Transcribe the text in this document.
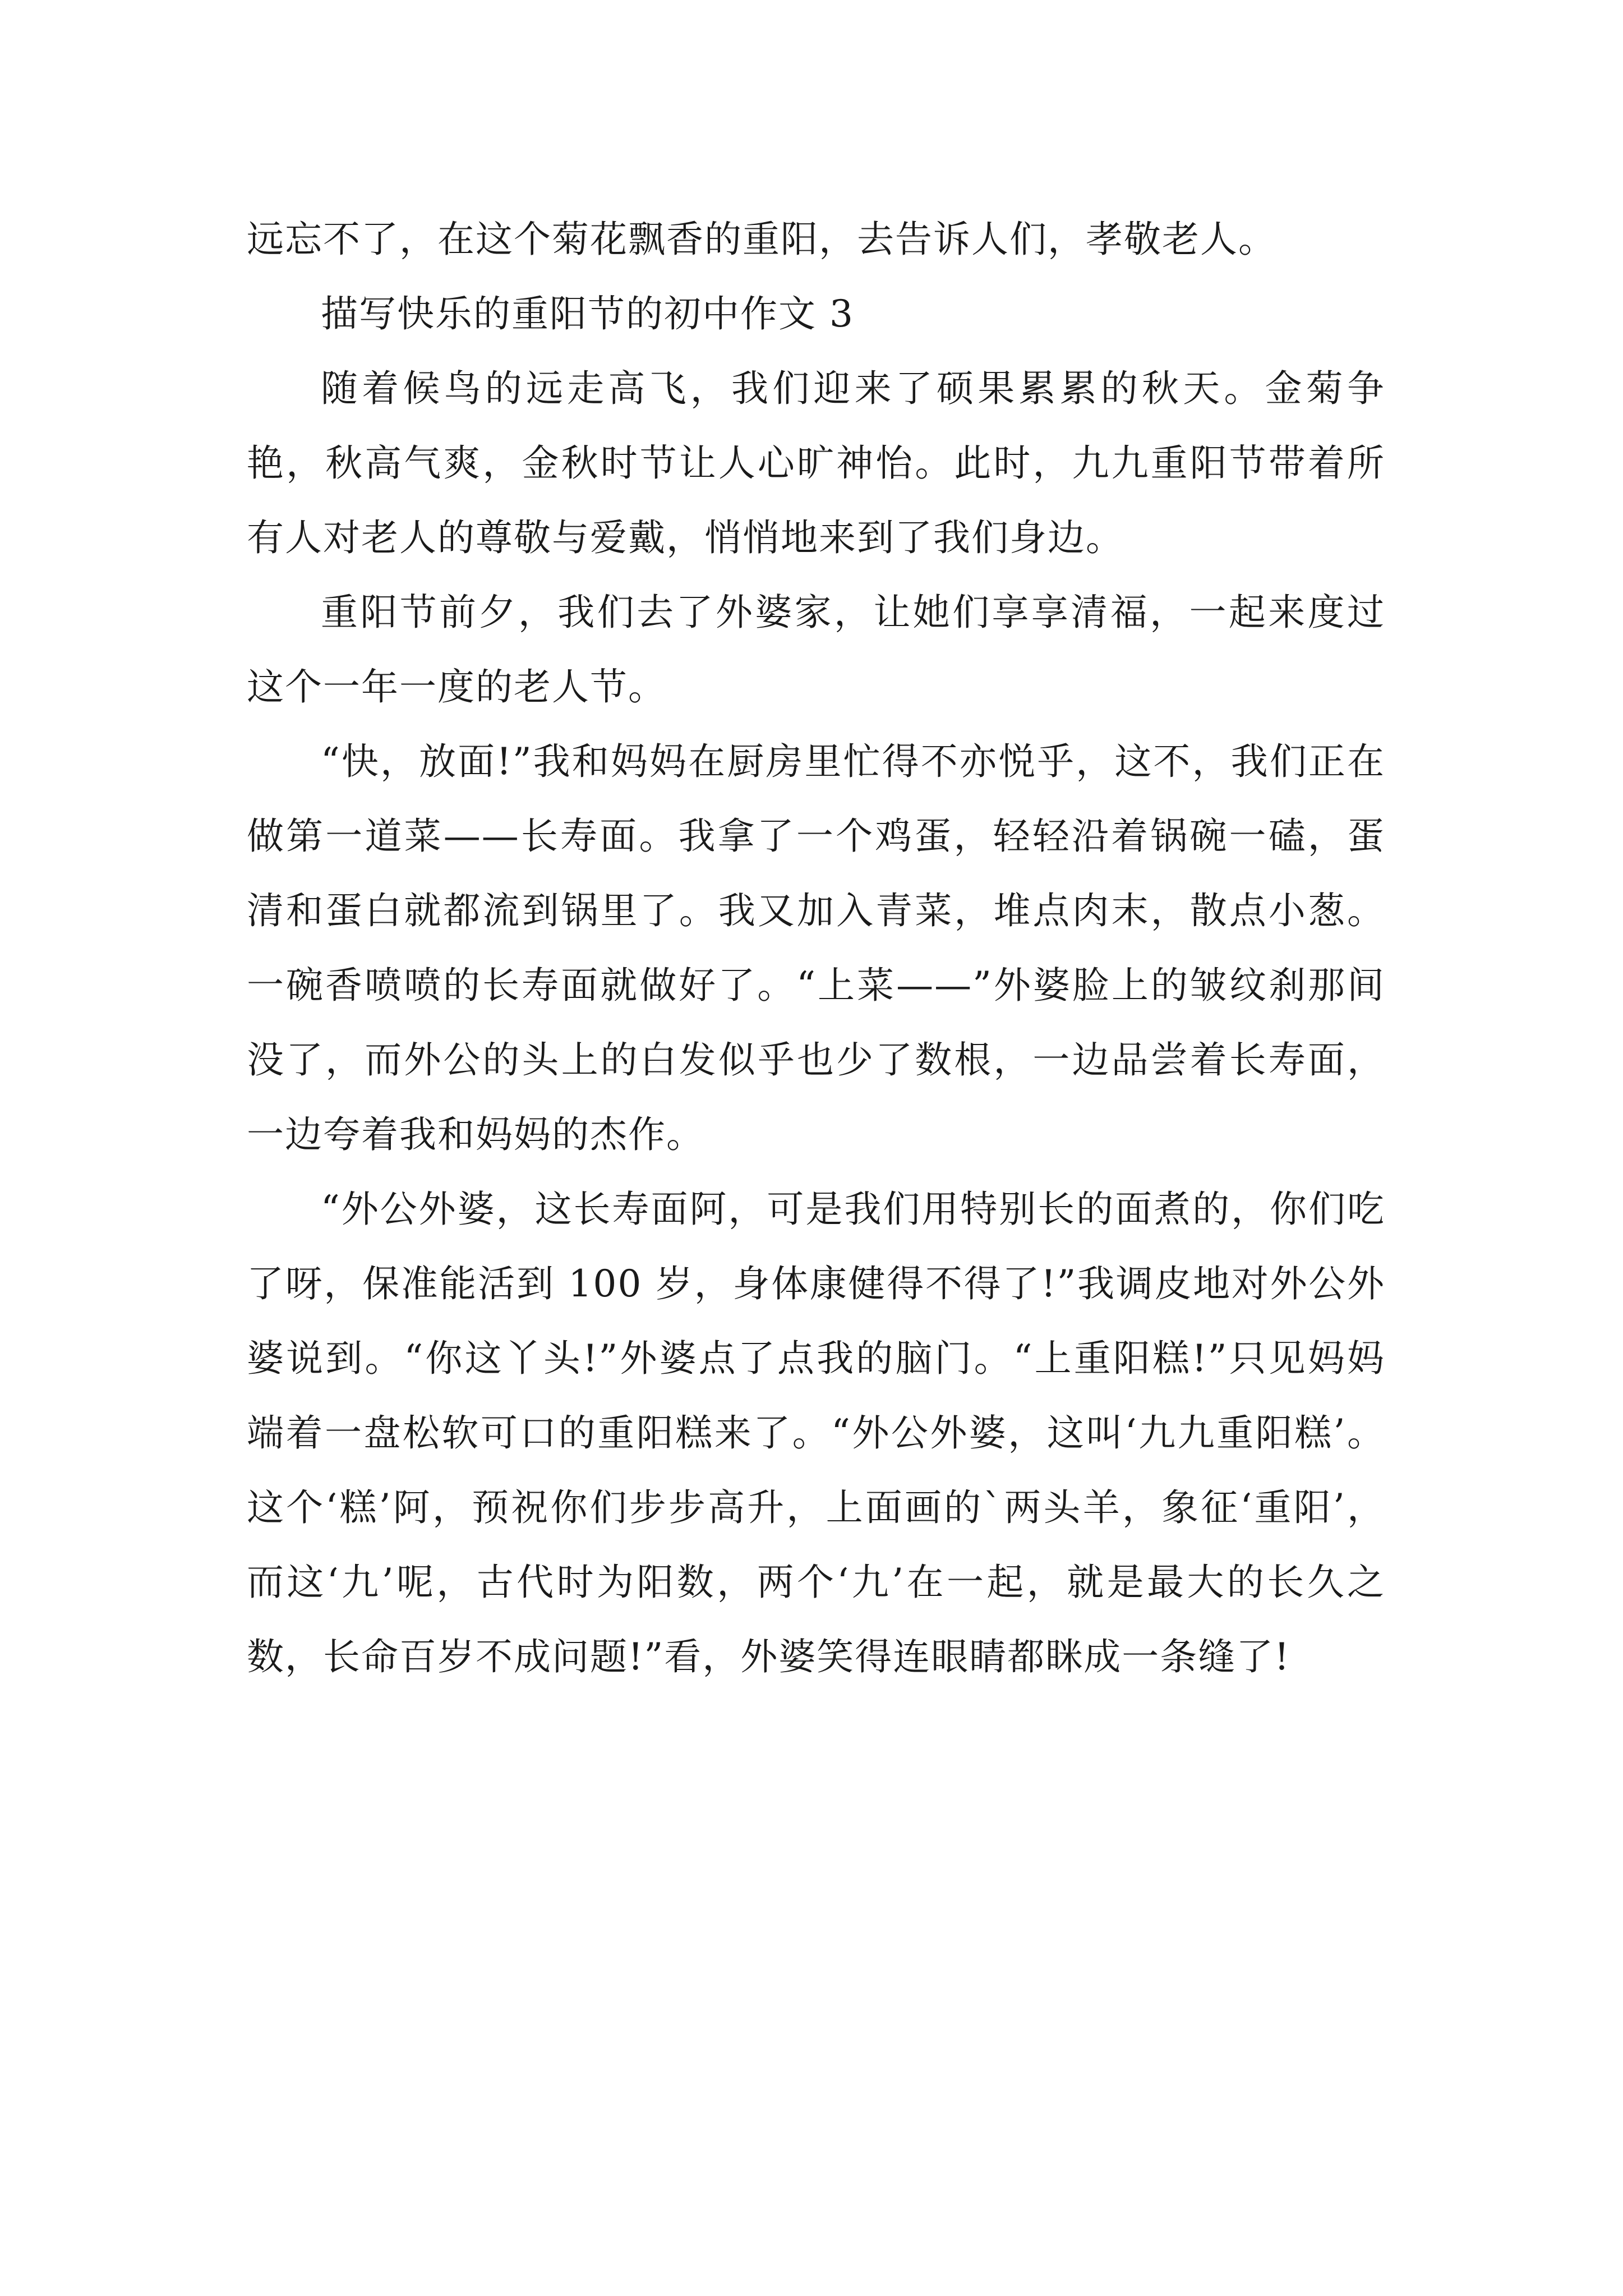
远忘不了，在这个菊花飘香的重阳，去告诉人们，孝敬老人。

描写快乐的重阳节的初中作文 3

随着候鸟的远走高飞，我们迎来了硕果累累的秋天。金菊争艳，秋高气爽，金秋时节让人心旷神怡。此时，九九重阳节带着所有人对老人的尊敬与爱戴，悄悄地来到了我们身边。

重阳节前夕，我们去了外婆家，让她们享享清福，一起来度过这个一年一度的老人节。

“快，放面!”我和妈妈在厨房里忙得不亦悦乎，这不，我们正在做第一道菜——长寿面。我拿了一个鸡蛋，轻轻沿着锅碗一磕，蛋清和蛋白就都流到锅里了。我又加入青菜，堆点肉末，散点小葱。一碗香喷喷的长寿面就做好了。“上菜——”外婆脸上的皱纹刹那间没了，而外公的头上的白发似乎也少了数根，一边品尝着长寿面，一边夸着我和妈妈的杰作。

“外公外婆，这长寿面阿，可是我们用特别长的面煮的，你们吃了呀，保准能活到 100 岁，身体康健得不得了!”我调皮地对外公外婆说到。“你这丫头!”外婆点了点我的脑门。“上重阳糕!”只见妈妈端着一盘松软可口的重阳糕来了。“外公外婆，这叫‘九九重阳糕’。这个‘糕’阿，预祝你们步步高升，上面画的`两头羊，象征‘重阳’，而这‘九’呢，古代时为阳数，两个‘九’在一起，就是最大的长久之数，长命百岁不成问题!”看，外婆笑得连眼睛都眯成一条缝了!
